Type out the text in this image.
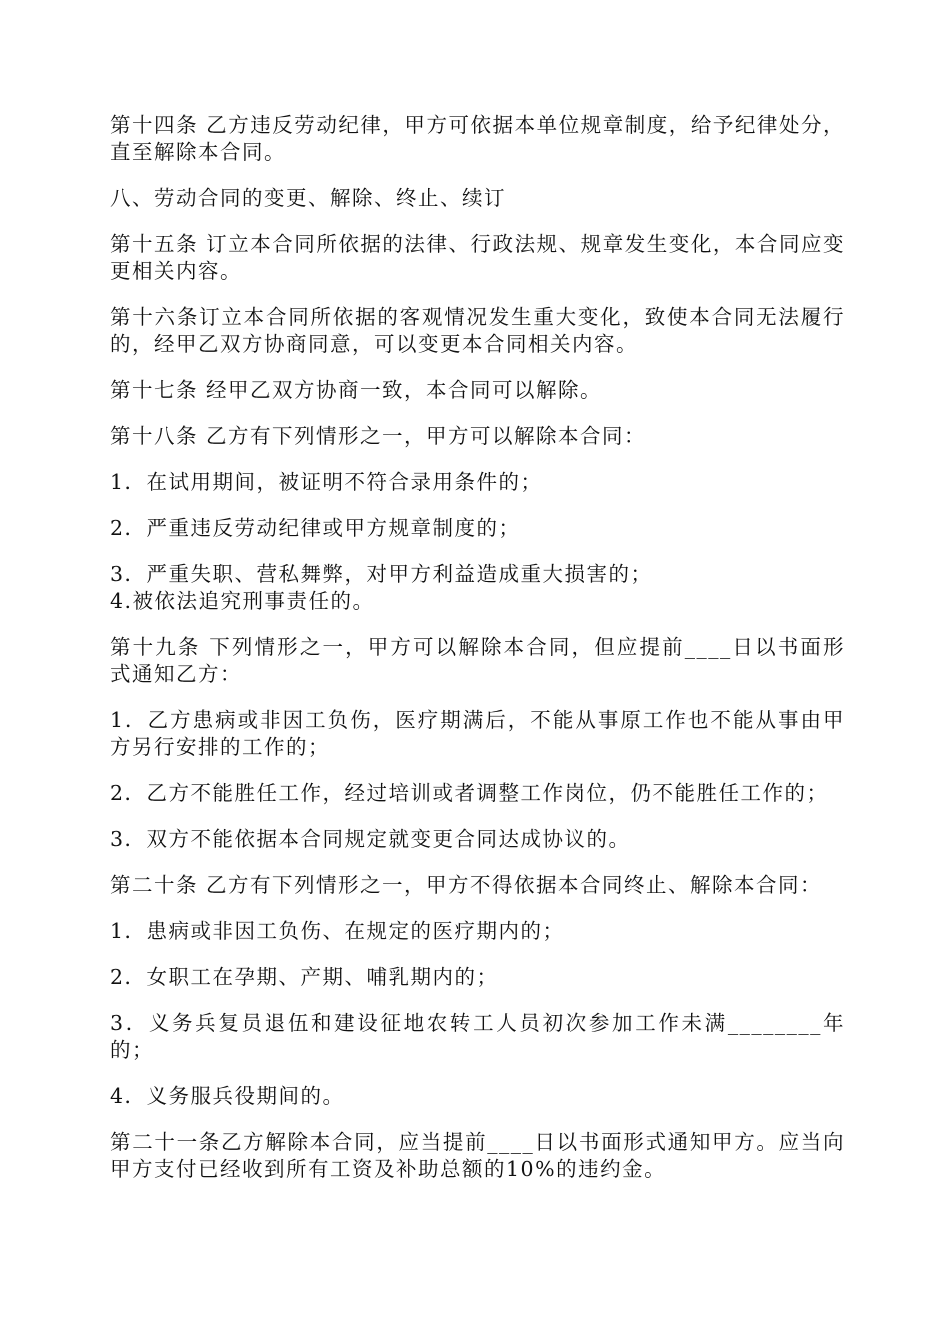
第十四条 乙方违反劳动纪律，甲方可依据本单位规章制度，给予纪律处分，直至解除本合同。

八、劳动合同的变更、解除、终止、续订

第十五条 订立本合同所依据的法律、行政法规、规章发生变化，本合同应变更相关内容。

第十六条订立本合同所依据的客观情况发生重大变化，致使本合同无法履行的，经甲乙双方协商同意，可以变更本合同相关内容。

第十七条 经甲乙双方协商一致，本合同可以解除。

第十八条 乙方有下列情形之一，甲方可以解除本合同：

1．在试用期间，被证明不符合录用条件的；

2．严重违反劳动纪律或甲方规章制度的；

3．严重失职、营私舞弊，对甲方利益造成重大损害的；

4.被依法追究刑事责任的。

第十九条 下列情形之一，甲方可以解除本合同，但应提前____日以书面形式通知乙方：

1．乙方患病或非因工负伤，医疗期满后，不能从事原工作也不能从事由甲方另行安排的工作的；

2．乙方不能胜任工作，经过培训或者调整工作岗位，仍不能胜任工作的；

3．双方不能依据本合同规定就变更合同达成协议的。

第二十条 乙方有下列情形之一，甲方不得依据本合同终止、解除本合同：

1．患病或非因工负伤、在规定的医疗期内的；

2．女职工在孕期、产期、哺乳期内的；

3．义务兵复员退伍和建设征地农转工人员初次参加工作未满________年的；

4．义务服兵役期间的。

第二十一条乙方解除本合同，应当提前____日以书面形式通知甲方。应当向甲方支付已经收到所有工资及补助总额的10%的违约金。
